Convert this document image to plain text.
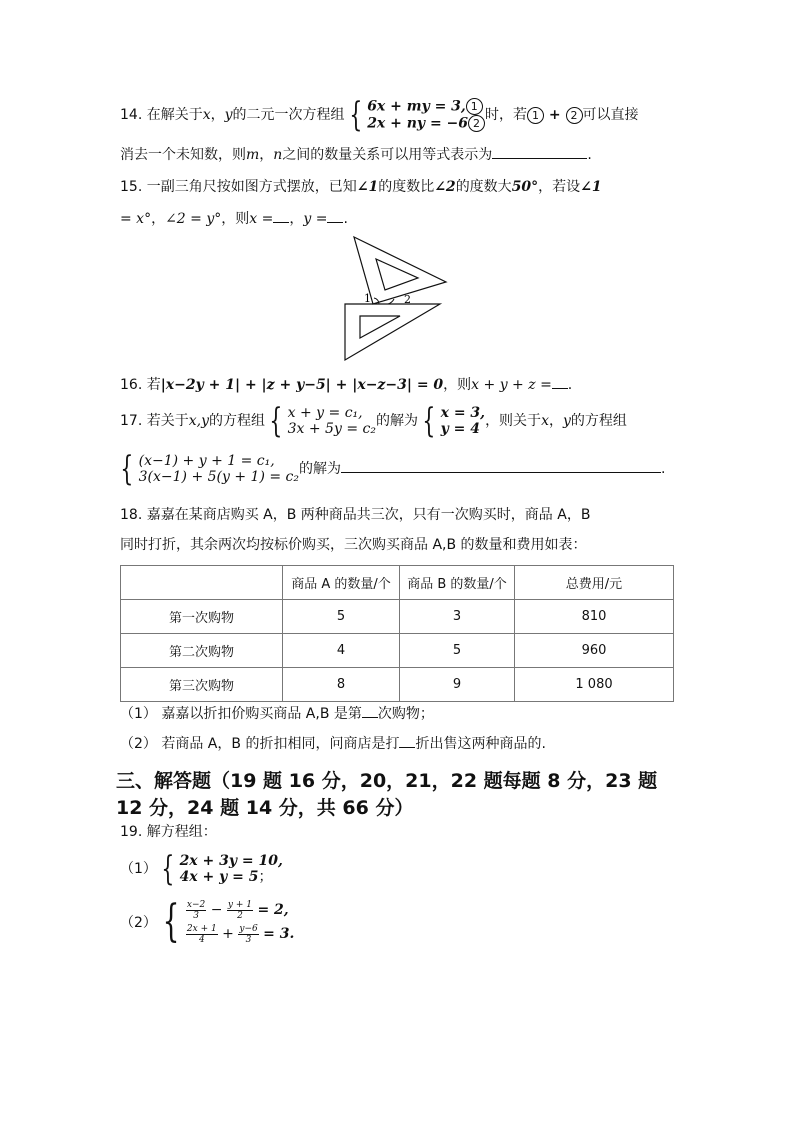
14. 在解关于x，y的二元一次方程组 { 6x + my = 3, 1
2x + ny = −6 2
时，若 1 + 2 可以直接
消去一个未知数，则m，n之间的数量关系可以用等式表示为	.
15. 一副三角尺按如图方式摆放，已知∠1的度数比∠2的度数大50°，若设∠1
= x°，∠2 = y°，则x = ，y = .
1	2
16. 若|x−2y + 1| + |z + y−5| + |x−z−3| = 0，则x + y + z = .
17. 若关于x,y的方程组 { x + y = c₁,
3x + 5y = c₂ 的解为 { x = 3,
y = 4 ，则关于x，y的方程组
{ (x−1) + y + 1 = c₁,
3(x−1) + 5(y + 1) = c₂ 的解为	.
18. 嘉嘉在某商店购买 A，B 两种商品共三次，只有一次购买时，商品 A，B
同时打折，其余两次均按标价购买，三次购买商品 A,B 的数量和费用如表：
	商品 A 的数量/个	商品 B 的数量/个	总费用/元
第一次购物	5	3	810
第二次购物	4	5	960
第三次购物	8	9	1 080
（1） 嘉嘉以折扣价购买商品 A,B 是第 次购物；
（2） 若商品 A，B 的折扣相同，问商店是打 折出售这两种商品的.
三、解答题（19 题 16 分，20，21，22 题每题 8 分，23 题
12 分，24 题 14 分，共 66 分）
19. 解方程组：
（1） { 2x + 3y = 10,
4x + y = 5；
（2） { $\frac{x-2}{3} - \frac{y + 1}{2} = 2$,
$\frac{2x + 1}{4} + \frac{y-6}{3} = 3$.
